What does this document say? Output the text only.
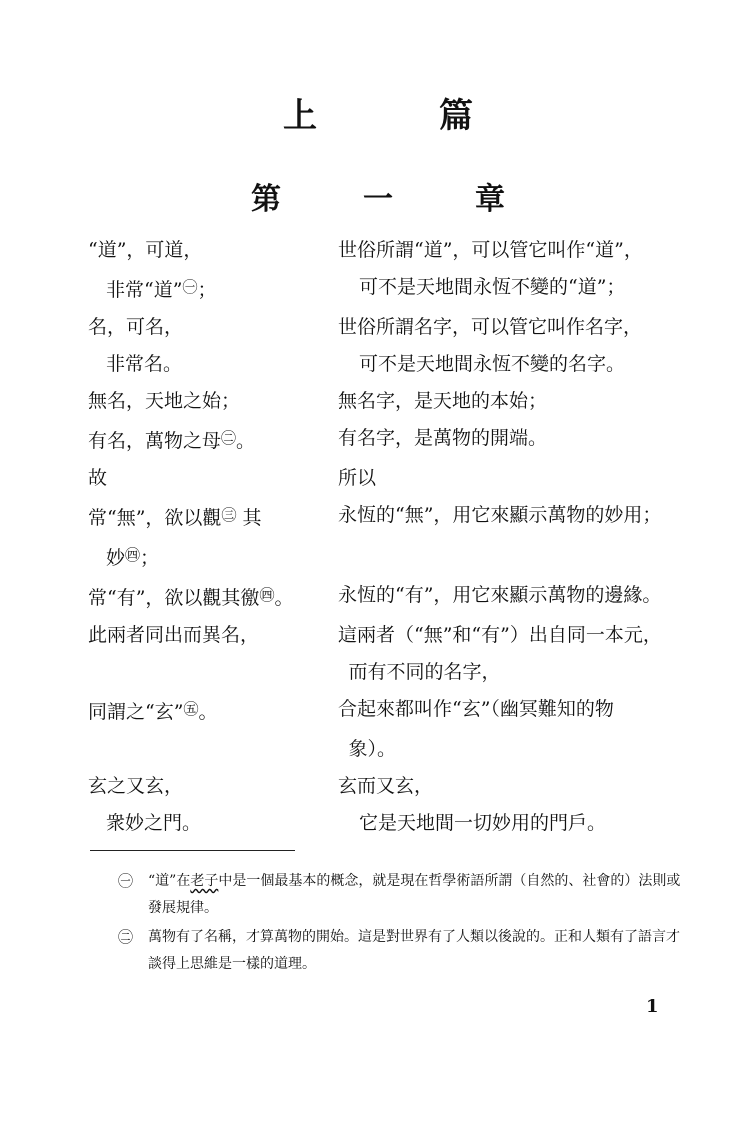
上　篇
第　一　章
“道”，可道，	世俗所謂“道”，可以管它叫作“道”，
非常“道”$^㊀$；	可不是天地間永恆不變的“道”；
名，可名，	世俗所謂名字，可以管它叫作名字，
非常名。	可不是天地間永恆不變的名字。
無名，天地之始；	無名字，是天地的本始；
有名，萬物之母$^㊁$。	有名字，是萬物的開端。
故	所以
常“無”，欲以觀$^㊂$ 其	永恆的“無”，用它來顯示萬物的妙用；
妙$^㊃$；
常“有”，欲以觀其徼$^㊃$。	永恆的“有”，用它來顯示萬物的邊緣。
此兩者同出而異名，	這兩者（“無”和“有”）出自同一本元，
而有不同的名字，
同謂之“玄”$^㊄$。	合起來都叫作“玄”（幽冥難知的物
象）。
玄之又玄，	玄而又玄，
衆妙之門。	它是天地間一切妙用的門戶。
㊀	“道”在老子中是一個最基本的概念，就是現在哲學術語所謂（自然的、社會的）法則或發展規律。
㊁	萬物有了名稱，才算萬物的開始。這是對世界有了人類以後說的。正和人類有了語言才談得上思維是一樣的道理。
1
